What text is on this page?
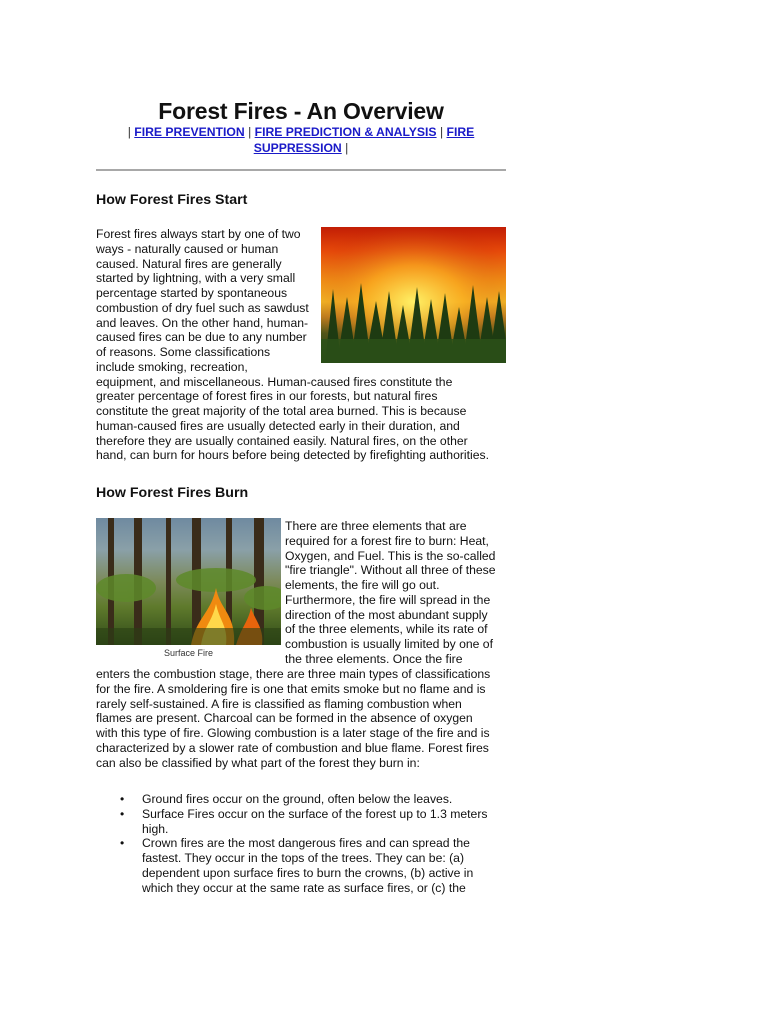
Forest Fires - An Overview
| FIRE PREVENTION | FIRE PREDICTION & ANALYSIS | FIRE
SUPPRESSION |
How Forest Fires Start
Forest fires always start by one of two
ways - naturally caused or human
caused. Natural fires are generally
started by lightning, with a very small
percentage started by spontaneous
combustion of dry fuel such as sawdust
and leaves. On the other hand, human-
caused fires can be due to any number
of reasons. Some classifications
include smoking, recreation,
equipment, and miscellaneous. Human-caused fires constitute the
greater percentage of forest fires in our forests, but natural fires
constitute the great majority of the total area burned. This is because
human-caused fires are usually detected early in their duration, and
therefore they are usually contained easily. Natural fires, on the other
hand, can burn for hours before being detected by firefighting authorities.
How Forest Fires Burn
Surface Fire
There are three elements that are
required for a forest fire to burn: Heat,
Oxygen, and Fuel. This is the so-called
"fire triangle". Without all three of these
elements, the fire will go out.
Furthermore, the fire will spread in the
direction of the most abundant supply
of the three elements, while its rate of
combustion is usually limited by one of
the three elements. Once the fire
enters the combustion stage, there are three main types of classifications
for the fire. A smoldering fire is one that emits smoke but no flame and is
rarely self-sustained. A fire is classified as flaming combustion when
flames are present. Charcoal can be formed in the absence of oxygen
with this type of fire. Glowing combustion is a later stage of the fire and is
characterized by a slower rate of combustion and blue flame. Forest fires
can also be classified by what part of the forest they burn in:
• Ground fires occur on the ground, often below the leaves.
• Surface Fires occur on the surface of the forest up to 1.3 meters
high.
• Crown fires are the most dangerous fires and can spread the
fastest. They occur in the tops of the trees. They can be: (a)
dependent upon surface fires to burn the crowns, (b) active in
which they occur at the same rate as surface fires, or (c) the
